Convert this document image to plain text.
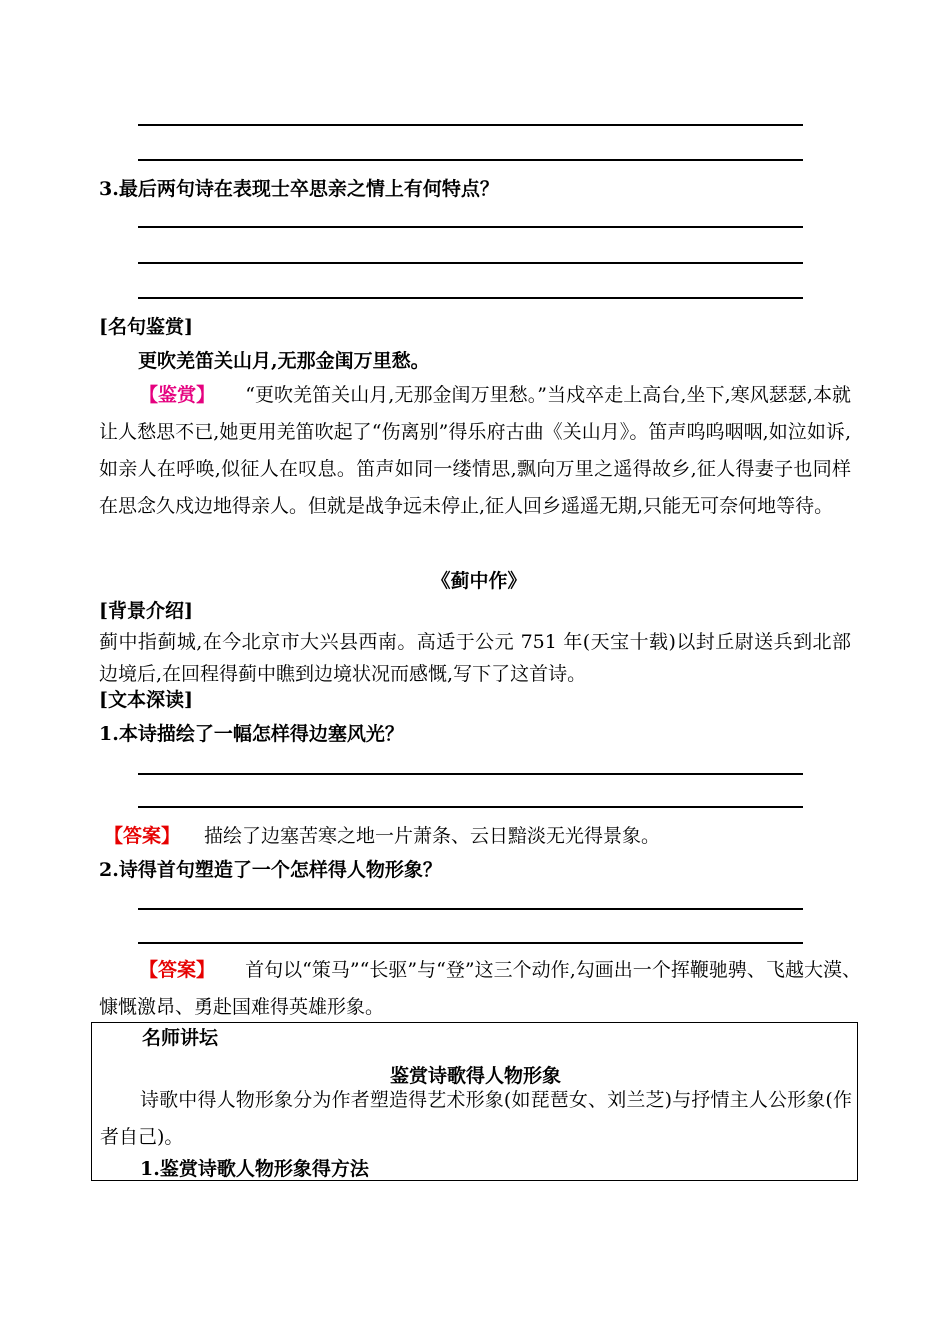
3.最后两句诗在表现士卒思亲之情上有何特点？
[名句鉴赏]
更吹羌笛关山月,无那金闺万里愁。
【鉴赏】 “更吹羌笛关山月,无那金闺万里愁。”当戍卒走上高台,坐下,寒风瑟瑟,本就让人愁思不已,她更用羌笛吹起了“伤离别”得乐府古曲《关山月》。笛声呜呜咽咽,如泣如诉,如亲人在呼唤,似征人在叹息。笛声如同一缕情思,飘向万里之遥得故乡,征人得妻子也同样在思念久戍边地得亲人。但就是战争远未停止,征人回乡遥遥无期,只能无可奈何地等待。
《蓟中作》
[背景介绍]
蓟中指蓟城,在今北京市大兴县西南。高适于公元 751 年(天宝十载)以封丘尉送兵到北部边境后,在回程得蓟中瞧到边境状况而感慨,写下了这首诗。
[文本深读]
1.本诗描绘了一幅怎样得边塞风光？
【答案】 描绘了边塞苦寒之地一片萧条、云日黯淡无光得景象。
2.诗得首句塑造了一个怎样得人物形象？
【答案】 首句以“策马”“长驱”与“登”这三个动作,勾画出一个挥鞭驰骋、飞越大漠、慷慨激昂、勇赴国难得英雄形象。
名师讲坛
鉴赏诗歌得人物形象
诗歌中得人物形象分为作者塑造得艺术形象(如琵琶女、刘兰芝)与抒情主人公形象(作者自己)。
1.鉴赏诗歌人物形象得方法
